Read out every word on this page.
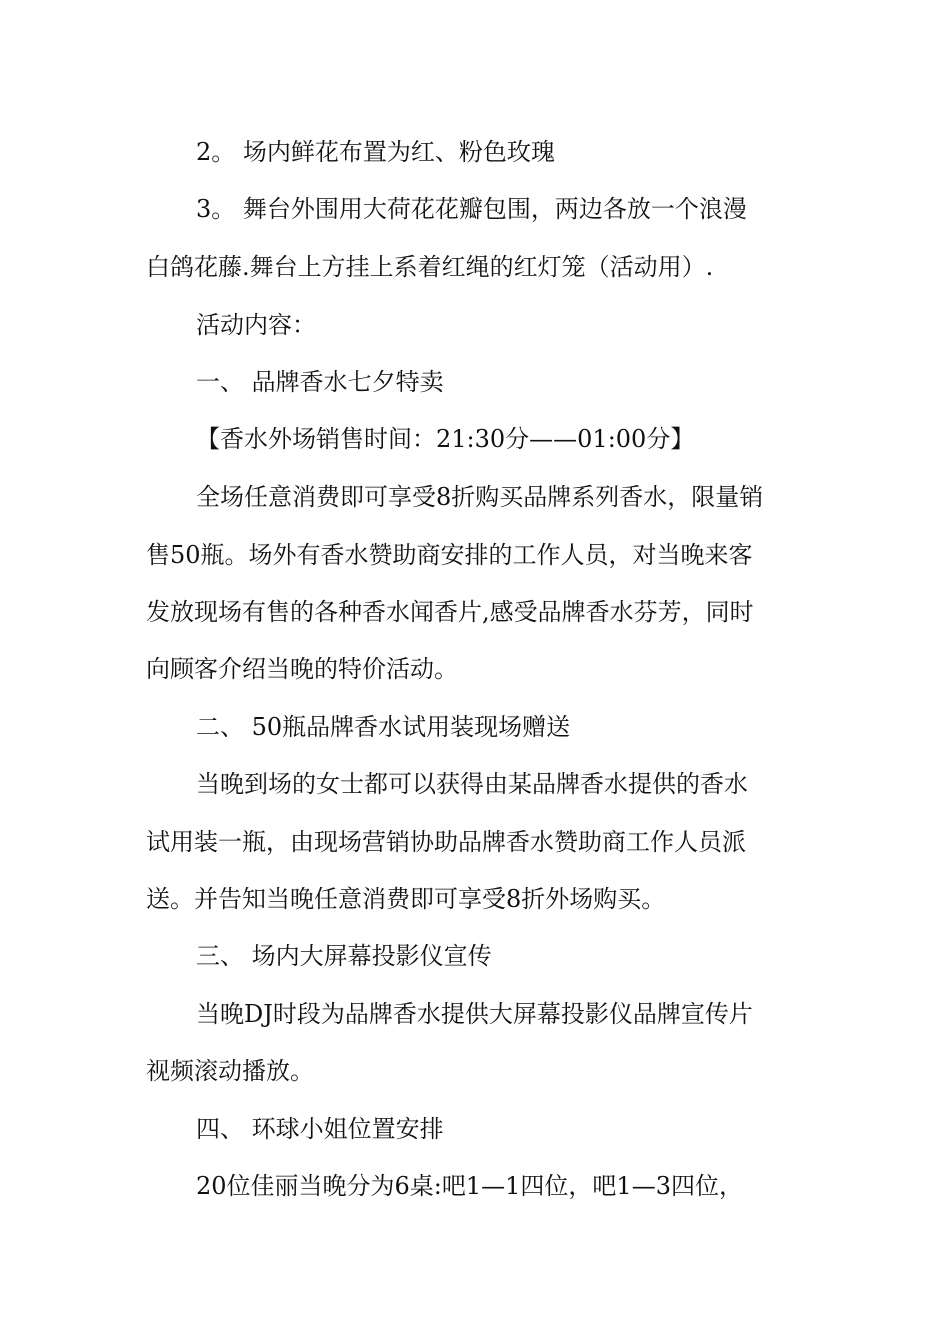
2。 场内鲜花布置为红、粉色玫瑰
3。 舞台外围用大荷花花瓣包围，两边各放一个浪漫
白鸽花藤.舞台上方挂上系着红绳的红灯笼（活动用）.
活动内容：
一、 品牌香水七夕特卖
【香水外场销售时间：21:30分——01:00分】
全场任意消费即可享受8折购买品牌系列香水，限量销
售50瓶。场外有香水赞助商安排的工作人员，对当晚来客
发放现场有售的各种香水闻香片,感受品牌香水芬芳，同时
向顾客介绍当晚的特价活动。
二、 50瓶品牌香水试用装现场赠送
当晚到场的女士都可以获得由某品牌香水提供的香水
试用装一瓶，由现场营销协助品牌香水赞助商工作人员派
送。并告知当晚任意消费即可享受8折外场购买。
三、 场内大屏幕投影仪宣传
当晚DJ时段为品牌香水提供大屏幕投影仪品牌宣传片
视频滚动播放。
四、 环球小姐位置安排
20位佳丽当晚分为6桌:吧1—1四位，吧1—3四位，
